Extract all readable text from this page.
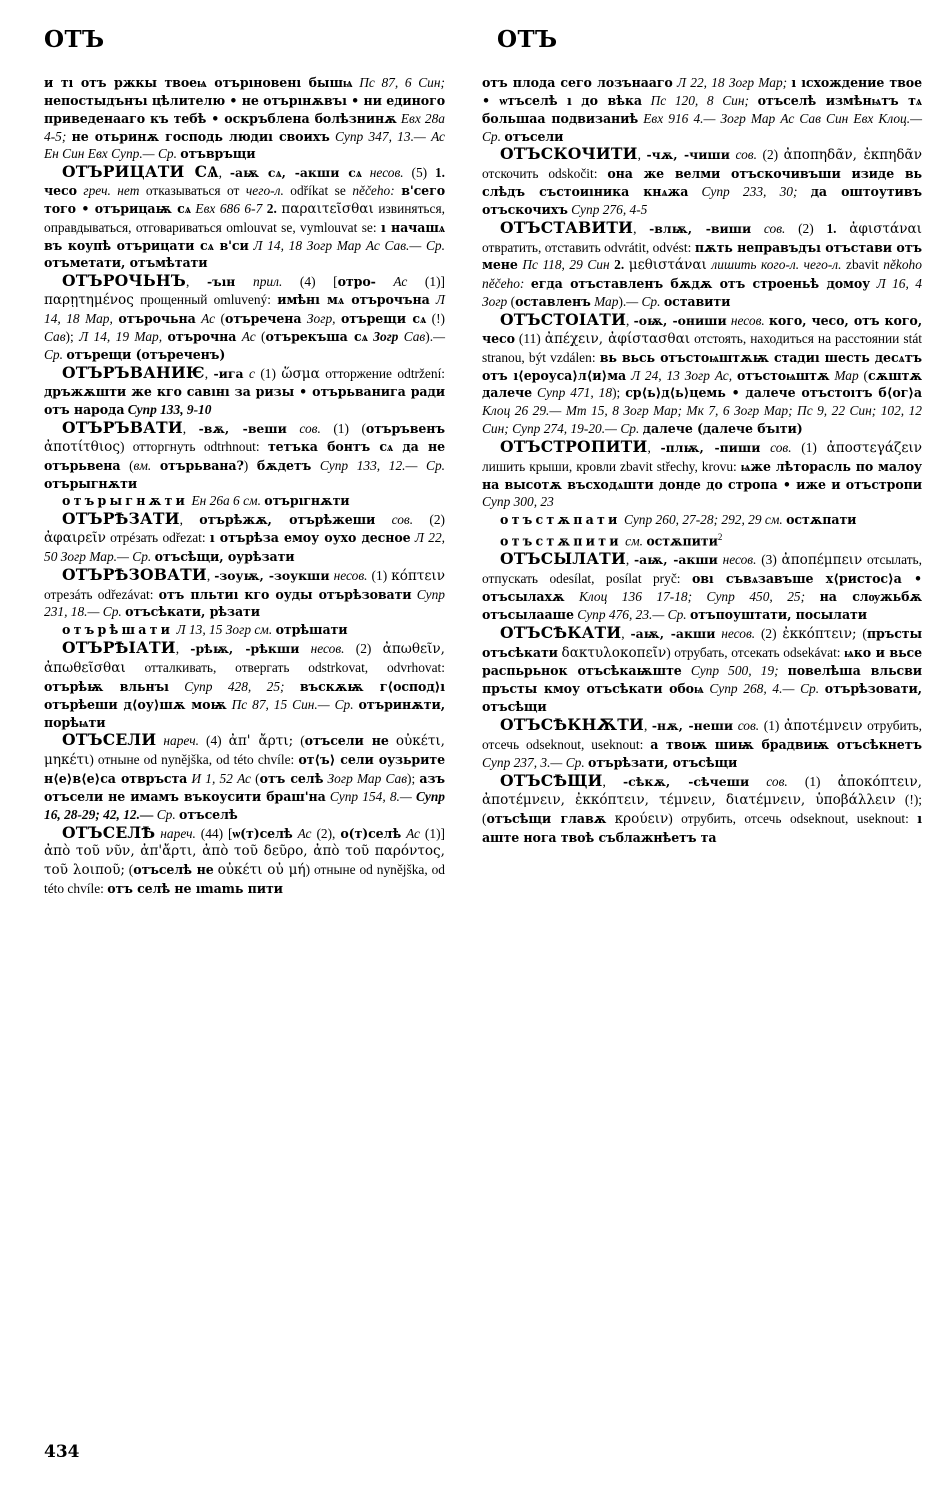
ОТЪ	ОТЪ

и тı отъ ржкы твоеѩ отърıновенı бышѩ Пс 87, 6 Син; непостыдънъı цѣлителю • не отърıнѫвъı • ни единого приведенааго къ тебѣ • оскръблена болѣзнинѫ Евх 28а 4-5; не отьринѫ господь людиı своихъ Супр 347, 13.— Ас Ен Син Евх Супр.— Ср. отъвръщи

ОТЪРИЦАТИ СѦ, -аѭ сѧ, -акши сѧ несов. (5) 1. чесо греч. нет отказываться от чего-л. odříkat se něčeho: в'сего того • отърицаѭ сѧ Евх 686 6-7 2. παραιτεῖσθαι извиняться, оправдываться, отговариваться omlouvat se, vymlouvat se: ı начашѧ въ коупѣ отърицати сѧ в'си Л 14, 18 Зогр Мар Ас Сав.— Ср. отъметати, отъмѣтати

ОТЪРОЧЬНЪ, -ъıн прил. (4) [отро- Ас (1)] παρῃτημένος прощенный omluvený: имѣнı мѧ отърочъна Л 14, 18 Мар, отърочьна Ас (отъречена Зогр, отърещи сѧ (!) Сав); Л 14, 19 Мар, отърочна Ас (отърекъша сѧ Зогр Сав).— Ср. отърещи (отъреченъ)

ОТЪРЪВАНИѤ, -ига с (1) ὥσμα отторжение odtržení: дръжѫшти же кго савıнı за ризы • отърьванига ради отъ народа Супр 133, 9-10

ОТЪРЪВАТИ, -вѫ, -веши сов. (1) (отъръвенъ ἀποτίτθιος) отторгнуть odtrhnout: тетъка бонтъ сѧ да не отърьвена (вм. отърьвана?) бѫдетъ Супр 133, 12.— Ср. отърыгнѫти

отърыгнѫти Ен 26а 6 см. отърıгнѫти

ОТЪРѢЗАТИ, отърѣжѫ, отърѣжеши сов. (2) ἀφαιρεῖν отрéзать odřezat: ı отърѣза емоу оухо десное Л 22, 50 Зогр Мар.— Ср. отъсѣщи, оурѣзати

ОТЪРѢЗОВАТИ, -зоуѭ, -зоукши несов. (1) κόπτειν отрезáть odřezávat: отъ пльтиı кго оуды отърѣзовати Супр 231, 18.— Ср. отъсѣкати, рѣзати

отърѣшати Л 13, 15 Зогр см. отрѣшати

ОТЪРѢIАТИ, -рѣѭ, -рѣкши несов. (2) ἀπωθεῖν, ἀπωθεῖσθαι отталкивать, отвергать odstrkovat, odvrhovat: отърѣѭ вльнъı Супр 428, 25; въскѫѭ г⟨оспод⟩ı отърѣеши д⟨оу⟩шѫ моѭ Пс 87, 15 Син.— Ср. отъринѫти, порѣѩти

ОТЪСЕЛИ нареч. (4) ἀπ' ἄρτι; (отъсели не οὐκέτι, μηκέτι) отныне od nynějška, od této chvíle: от⟨ъ⟩ сели оузьрите н⟨е⟩в⟨е⟩са отвръста И 1, 52 Ас (отъ селѣ Зогр Мар Сав); азъ отъсели не имамъ въкоусити браш'на Супр 154, 8.— Супр 16, 28-29; 42, 12.— Ср. отъселѣ

ОТЪСЕЛѢ нареч. (44) [ѡ(т)селѣ Ас (2), о(т)селѣ Ас (1)] ἀπὸ τοῦ νῦν, ἀπ'ἄρτι, ἀπὸ τοῦ δεῦρο, ἀπὸ τοῦ παρόντος, τοῦ λοιποῦ; (отъселѣ не οὐκέτι οὐ μή) отныне od nynějška, od této chvíle: отъ селѣ не ımamь пити

отъ плода сего лозънааго Л 22, 18 Зогр Мар; ı ıсхождение твое • ѡтъселѣ ı до вѣка Пс 120, 8 Син; отъселѣ измѣнѩтъ тѧ большаа подвизаниѣ Евх 916 4.— Зогр Мар Ас Сав Син Евх Клоц.— Ср. отъсели

ОТЪСКОЧИТИ, -чѫ, -чиши сов. (2) ἀποπηδᾶν, ἐκπηδᾶν отскочить odskočit: она же велми отъскочивъши изиде вь слѣдъ състоиıника кнѧжа Супр 233, 30; да оштоутивъ отъскочихъ Супр 276, 4-5

ОТЪСТАВИТИ, -влѭ, -виши сов. (2) 1. ἀφιστάναι отвратить, отставить odvrátit, odvést: пѫть неправъдъı отъстави отъ мене Пс 118, 29 Син 2. μεθιστάναι лишить кого-л. чего-л. zbavit někoho něčeho: егда отъставленъ бѫдѫ отъ строеньѣ домоу Л 16, 4 Зогр (оставленъ Мар).— Ср. оставити

ОТЪСТОIАТИ, -оѭ, -ониши несов. кого, чесо, отъ кого, чесо (11) ἀπέχειν, ἀφίστασθαι отстоять, находиться на расстоянии stát stranou, být vzdálen: вь вьсь отъстоѩштѫѭ стадиı шесть десѧтъ отъ ı⟨ероуса⟩л⟨и⟩ма Л 24, 13 Зогр Ас, отъстоѩштѫ Мар (сѫштѫ далече Супр 471, 18); ср⟨ь⟩д⟨ь⟩цемь • далече отъстоıтъ б⟨ог⟩а Клоц 26 29.— Мт 15, 8 Зогр Мар; Мк 7, 6 Зогр Мар; Пс 9, 22 Син; 102, 12 Син; Супр 274, 19-20.— Ср. далече (далече бъıти)

ОТЪСТРОПИТИ, -плѭ, -пиши сов. (1) ἀποστεγάζειν лишить крыши, кровли zbavit střechy, krovu: ѩже лѣторасль по малоу на высотѫ въсходѧшти донде до стропа • иже и отъстропи Супр 300, 23

отъстѫпати Супр 260, 27-28; 292, 29 см. остѫпати

отъстѫпити см. остѫпити$^2$

ОТЪСЫЛАТИ, -аѭ, -акши несов. (3) ἀποπέμπειν отсылать, отпускать odesílat, posílat pryč: овı съвѧзавъше х⟨ристос⟩а • отъсылахѫ Клоц 136 17-18; Супр 450, 25; на слѹжьбѫ отъсылааше Супр 476, 23.— Ср. отъпоуштати, посылати

ОТЪСѢКАТИ, -аѭ, -акши несов. (2) ἐκκόπτειν; (пръсты отъсѣкати δακτυλοκοπεῖν) отрубать, отсекать odsekávat: ѩко и вьсе распьрьнок отъсѣкаѭште Супр 500, 19; повелѣша вльсви пръсты кмоу отъсѣкати обоѩ Супр 268, 4.— Ср. отърѣзовати, отъсѣщи

ОТЪСѢКНѪТИ, -нѫ, -неши сов. (1) ἀποτέμνειν отрубить, отсечь odseknout, useknout: а твоѭ шиѭ брадвиѭ отъсѣкнетъ Супр 237, 3.— Ср. отърѣзати, отъсѣщи

ОТЪСѢЩИ, -сѣкѫ, -сѣчеши сов. (1) ἀποκόπτειν, ἀποτέμνειν, ἐκκόπτειν, τέμνειν, διατέμνειν, ὑποβάλλειν (!); (отъсѣщи главѫ κρούειν) отрубить, отсечь odseknout, useknout: ı аште нога твоѣ съблажнѣетъ та

434
